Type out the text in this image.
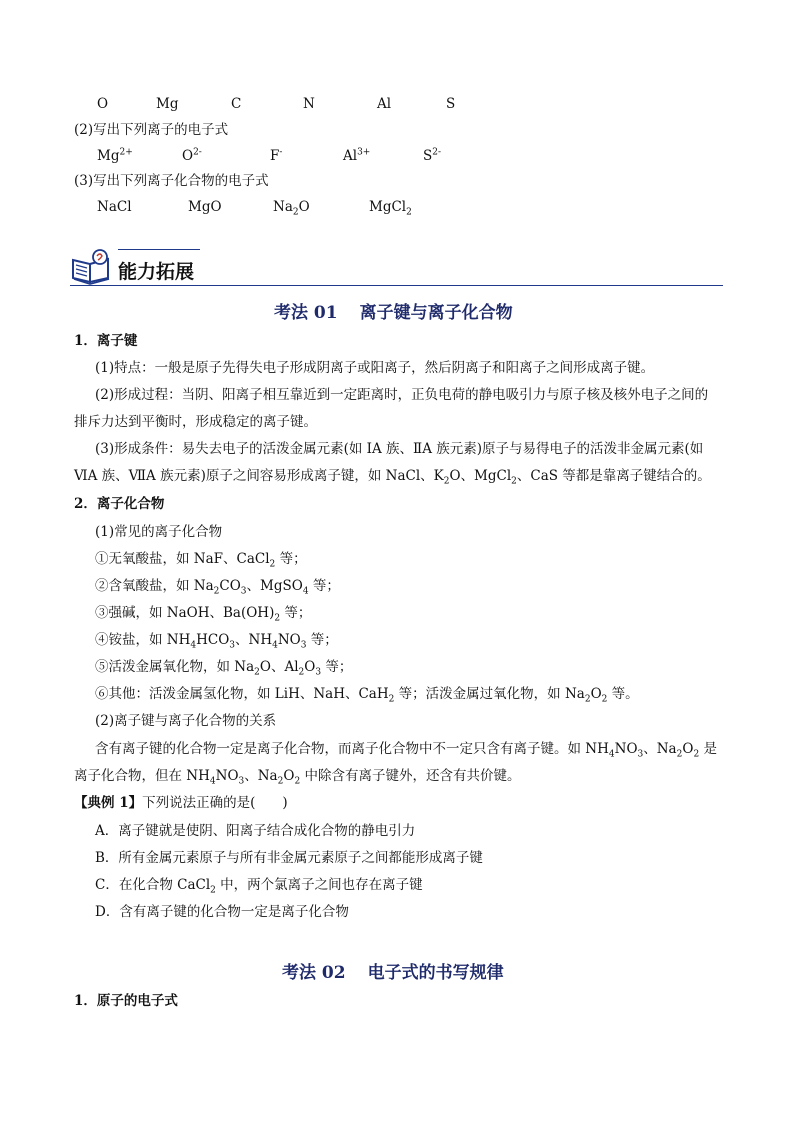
O	Mg	C	N	Al	S
(2)写出下列离子的电子式
$Mg^{2+}$	$O^{2-}$	F-	$Al^{3+}$	$S^{2-}$
(3)写出下列离子化合物的电子式
NaCl	MgO	$Na_2O$	MgCl$_2$
能力拓展
考法 01 离子键与离子化合物
1．离子键
(1)特点：一般是原子先得失电子形成阴离子或阳离子，然后阴离子和阳离子之间形成离子键。
(2)形成过程：当阴、阳离子相互靠近到一定距离时，正负电荷的静电吸引力与原子核及核外电子之间的
排斥力达到平衡时，形成稳定的离子键。
(3)形成条件：易失去电子的活泼金属元素(如 ⅠA 族、ⅡA 族元素)原子与易得电子的活泼非金属元素(如
ⅥA 族、ⅦA 族元素)原子之间容易形成离子键，如 NaCl、$K_2O$、MgCl$_2$、CaS 等都是靠离子键结合的。
2．离子化合物
(1)常见的离子化合物
①无氧酸盐，如 NaF、CaCl$_2$ 等；
②含氧酸盐，如 $Na_2CO_3$、MgSO$_4$ 等；
③强碱，如 NaOH、$Ba(OH)_2$ 等；
④铵盐，如 $NH_4HCO_3$、$NH_4NO_3$ 等；
⑤活泼金属氧化物，如 $Na_2O$、$Al_2O_3$ 等；
⑥其他：活泼金属氢化物，如 LiH、NaH、CaH$_2$ 等；活泼金属过氧化物，如 $Na_2O_2$ 等。
(2)离子键与离子化合物的关系
含有离子键的化合物一定是离子化合物，而离子化合物中不一定只含有离子键。如 $NH_4NO_3$、$Na_2O_2$ 是
离子化合物，但在 $NH_4NO_3$、$Na_2O_2$ 中除含有离子键外，还含有共价键。
【典例 1】下列说法正确的是(　　)
A．离子键就是使阴、阳离子结合成化合物的静电引力
B．所有金属元素原子与所有非金属元素原子之间都能形成离子键
C．在化合物 CaCl$_2$ 中，两个氯离子之间也存在离子键
D．含有离子键的化合物一定是离子化合物
考法 02 电子式的书写规律
1．原子的电子式
